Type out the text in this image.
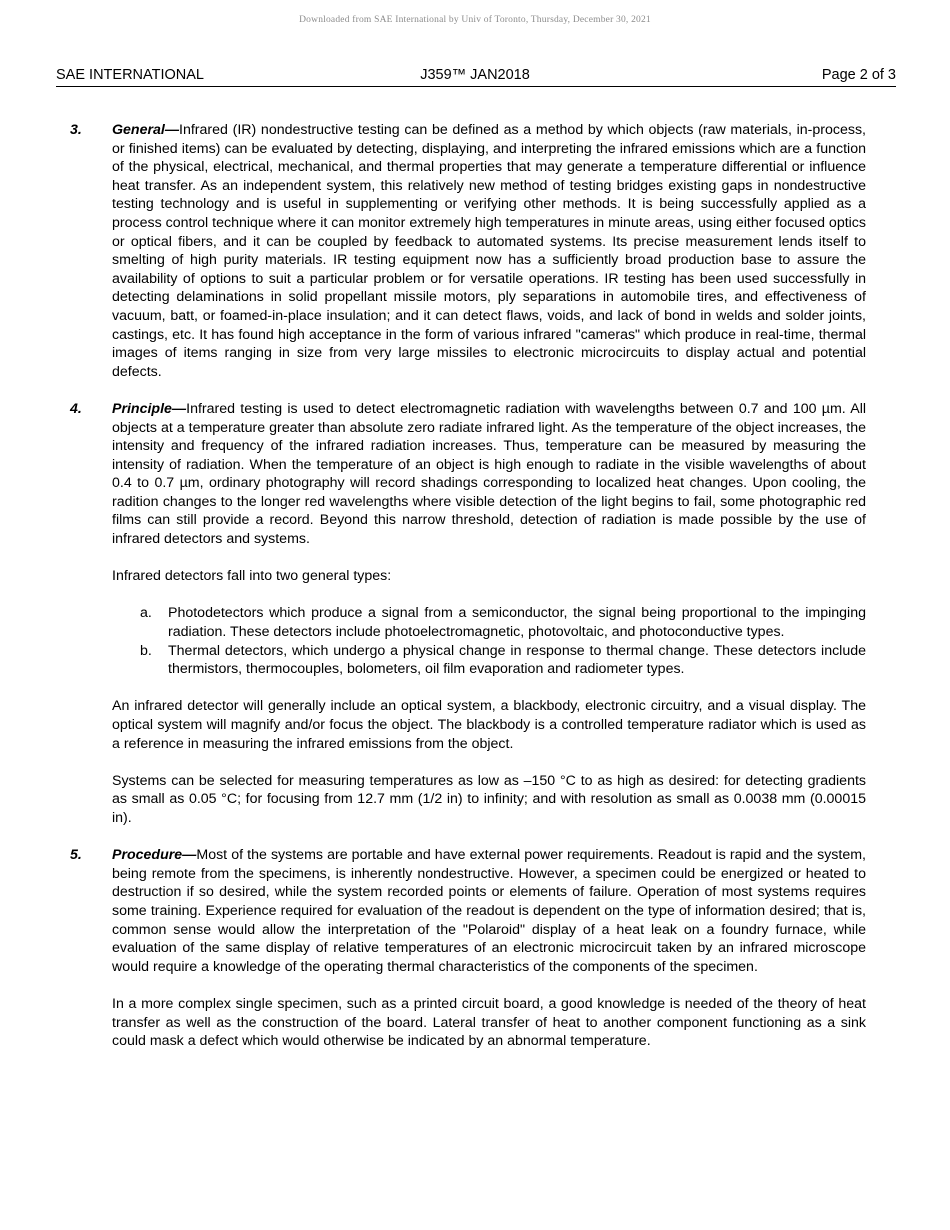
Downloaded from SAE International by Univ of Toronto, Thursday, December 30, 2021
SAE INTERNATIONAL	J359™ JAN2018	Page 2 of 3
3. General—Infrared (IR) nondestructive testing can be defined as a method by which objects (raw materials, in-process, or finished items) can be evaluated by detecting, displaying, and interpreting the infrared emissions which are a function of the physical, electrical, mechanical, and thermal properties that may generate a temperature differential or influence heat transfer. As an independent system, this relatively new method of testing bridges existing gaps in nondestructive testing technology and is useful in supplementing or verifying other methods. It is being successfully applied as a process control technique where it can monitor extremely high temperatures in minute areas, using either focused optics or optical fibers, and it can be coupled by feedback to automated systems. Its precise measurement lends itself to smelting of high purity materials. IR testing equipment now has a sufficiently broad production base to assure the availability of options to suit a particular problem or for versatile operations. IR testing has been used successfully in detecting delaminations in solid propellant missile motors, ply separations in automobile tires, and effectiveness of vacuum, batt, or foamed-in-place insulation; and it can detect flaws, voids, and lack of bond in welds and solder joints, castings, etc. It has found high acceptance in the form of various infrared "cameras" which produce in real-time, thermal images of items ranging in size from very large missiles to electronic microcircuits to display actual and potential defects.
4. Principle—Infrared testing is used to detect electromagnetic radiation with wavelengths between 0.7 and 100 µm. All objects at a temperature greater than absolute zero radiate infrared light. As the temperature of the object increases, the intensity and frequency of the infrared radiation increases. Thus, temperature can be measured by measuring the intensity of radiation. When the temperature of an object is high enough to radiate in the visible wavelengths of about 0.4 to 0.7 µm, ordinary photography will record shadings corresponding to localized heat changes. Upon cooling, the radition changes to the longer red wavelengths where visible detection of the light begins to fail, some photographic red films can still provide a record. Beyond this narrow threshold, detection of radiation is made possible by the use of infrared detectors and systems.
Infrared detectors fall into two general types:
a. Photodetectors which produce a signal from a semiconductor, the signal being proportional to the impinging radiation. These detectors include photoelectromagnetic, photovoltaic, and photoconductive types.
b. Thermal detectors, which undergo a physical change in response to thermal change. These detectors include thermistors, thermocouples, bolometers, oil film evaporation and radiometer types.
An infrared detector will generally include an optical system, a blackbody, electronic circuitry, and a visual display. The optical system will magnify and/or focus the object. The blackbody is a controlled temperature radiator which is used as a reference in measuring the infrared emissions from the object.
Systems can be selected for measuring temperatures as low as –150 °C to as high as desired: for detecting gradients as small as 0.05 °C; for focusing from 12.7 mm (1/2 in) to infinity; and with resolution as small as 0.0038 mm (0.00015 in).
5. Procedure—Most of the systems are portable and have external power requirements. Readout is rapid and the system, being remote from the specimens, is inherently nondestructive. However, a specimen could be energized or heated to destruction if so desired, while the system recorded points or elements of failure. Operation of most systems requires some training. Experience required for evaluation of the readout is dependent on the type of information desired; that is, common sense would allow the interpretation of the "Polaroid" display of a heat leak on a foundry furnace, while evaluation of the same display of relative temperatures of an electronic microcircuit taken by an infrared microscope would require a knowledge of the operating thermal characteristics of the components of the specimen.
In a more complex single specimen, such as a printed circuit board, a good knowledge is needed of the theory of heat transfer as well as the construction of the board. Lateral transfer of heat to another component functioning as a sink could mask a defect which would otherwise be indicated by an abnormal temperature.
